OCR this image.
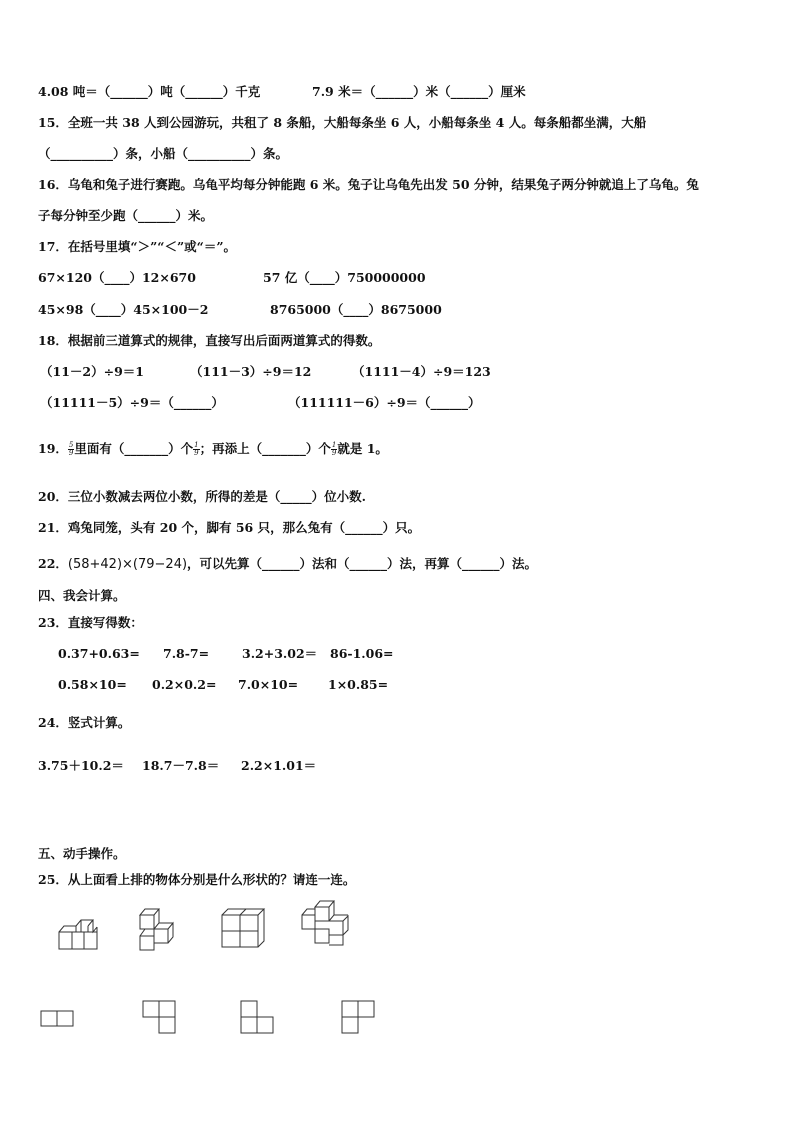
4.08 吨＝（______）吨（______）千克	7.9 米＝（______）米（______）厘米
15．全班一共 38 人到公园游玩，共租了 8 条船，大船每条坐 6 人，小船每条坐 4 人。每条船都坐满，大船
（__________）条，小船（__________）条。
16．乌龟和兔子进行赛跑。乌龟平均每分钟能跑 6 米。兔子让乌龟先出发 50 分钟，结果兔子两分钟就追上了乌龟。兔
子每分钟至少跑（______）米。
17．在括号里填“＞”“＜”或“＝”。
67×120（____）12×670	57 亿（____）750000000
45×98（____）45×100－2	8765000（____）8675000
18．根据前三道算式的规律，直接写出后面两道算式的得数。
（11－2）÷9＝1	（111－3）÷9＝12	（1111－4）÷9＝123
（11111－5）÷9＝（______）	（111111－6）÷9＝（______）
19． $\frac{5}{9}$ 里面有（_______）个 $\frac{1}{9}$ ；再添上（_______）个 $\frac{1}{9}$ 就是 1。
20．三位小数减去两位小数，所得的差是（_____）位小数.
21．鸡兔同笼，头有 20 个，脚有 56 只，那么兔有（______）只。
22．(58+42)×(79−24)，可以先算（______）法和（______）法，再算（______）法。
四、我会计算。
23．直接写得数：
0.37+0.63= 7.8-7=	3.2+3.02＝ 86-1.06=
0.58×10= 0.2×0.2= 7.0×10= 1×0.85=
24．竖式计算。
3.75＋10.2＝ 18.7－7.8＝ 2.2×1.01＝
五、动手操作。
25．从上面看上排的物体分别是什么形状的？请连一连。
